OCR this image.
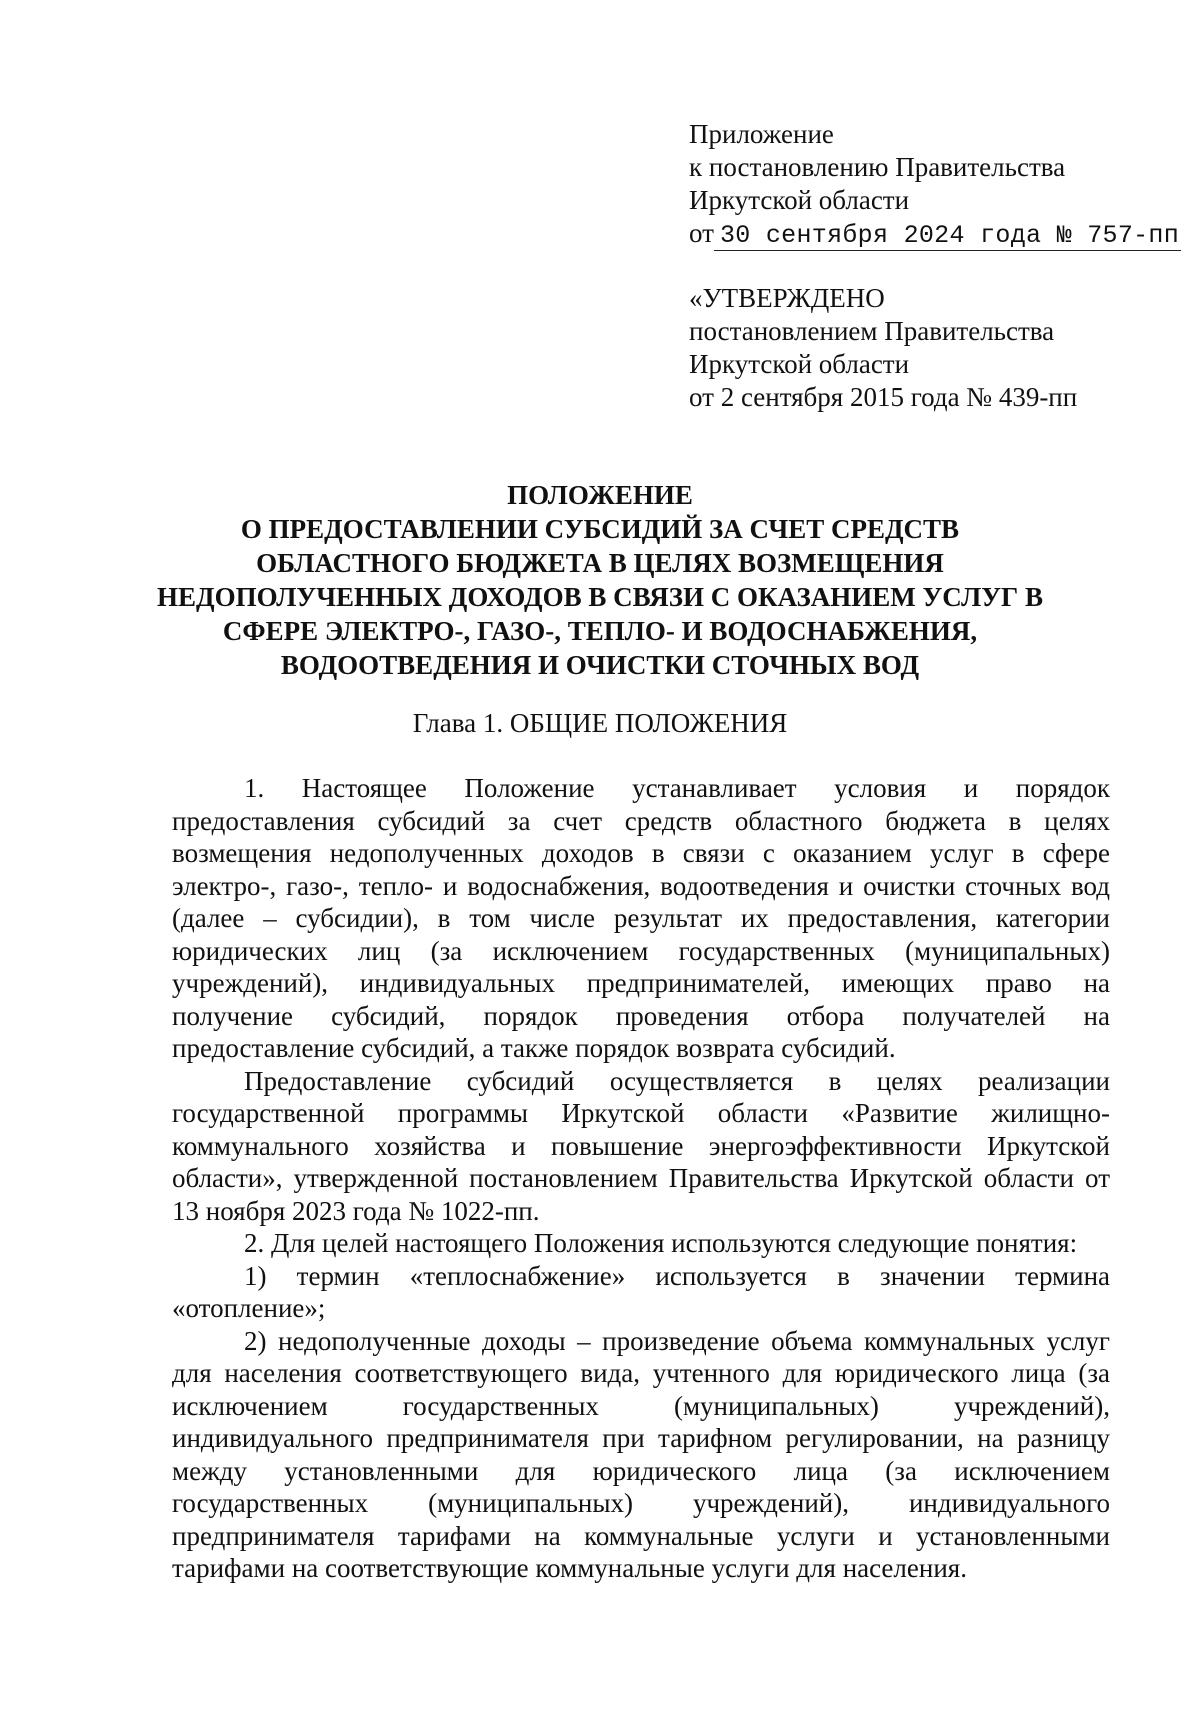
Приложение
к постановлению Правительства
Иркутской области
от 30 сентября 2024 года № 757-пп
«УТВЕРЖДЕНО
постановлением Правительства
Иркутской области
от 2 сентября 2015 года № 439-пп
ПОЛОЖЕНИЕ
О ПРЕДОСТАВЛЕНИИ СУБСИДИЙ ЗА СЧЕТ СРЕДСТВ
ОБЛАСТНОГО БЮДЖЕТА В ЦЕЛЯХ ВОЗМЕЩЕНИЯ
НЕДОПОЛУЧЕННЫХ ДОХОДОВ В СВЯЗИ С ОКАЗАНИЕМ УСЛУГ В
СФЕРЕ ЭЛЕКТРО-, ГАЗО-, ТЕПЛО- И ВОДОСНАБЖЕНИЯ,
ВОДООТВЕДЕНИЯ И ОЧИСТКИ СТОЧНЫХ ВОД
Глава 1. ОБЩИЕ ПОЛОЖЕНИЯ

1. Настоящее Положение устанавливает условия и порядок предоставления субсидий за счет средств областного бюджета в целях возмещения недополученных доходов в связи с оказанием услуг в сфере электро-, газо-, тепло- и водоснабжения, водоотведения и очистки сточных вод (далее – субсидии), в том числе результат их предоставления, категории юридических лиц (за исключением государственных (муниципальных) учреждений), индивидуальных предпринимателей, имеющих право на получение субсидий, порядок проведения отбора получателей на предоставление субсидий, а также порядок возврата субсидий.

Предоставление субсидий осуществляется в целях реализации государственной программы Иркутской области «Развитие жилищно-коммунального хозяйства и повышение энергоэффективности Иркутской области», утвержденной постановлением Правительства Иркутской области от 13 ноября 2023 года № 1022-пп.

2. Для целей настоящего Положения используются следующие понятия:

1) термин «теплоснабжение» используется в значении термина «отопление»;

2) недополученные доходы – произведение объема коммунальных услуг для населения соответствующего вида, учтенного для юридического лица (за исключением государственных (муниципальных) учреждений), индивидуального предпринимателя при тарифном регулировании, на разницу между установленными для юридического лица (за исключением государственных (муниципальных) учреждений), индивидуального предпринимателя тарифами на коммунальные услуги и установленными тарифами на соответствующие коммунальные услуги для населения.
